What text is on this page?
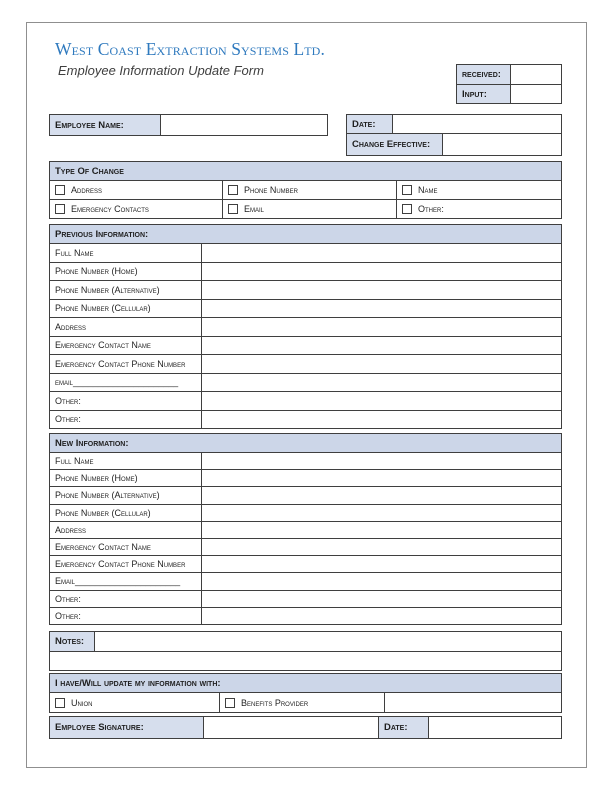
West Coast Extraction Systems Ltd.
Employee Information Update Form	received:
Input:
Employee Name:	Date:
Change Effective:
Type Of Change
Address	Phone Number	Name
Emergency Contacts	Email	Other:
Previous Information:
Full Name
Phone Number (Home)
Phone Number (Alternative)
Phone Number (Cellular)
Address
Emergency Contact Name
Emergency Contact Phone Number
email_____________________
Other:
Other:
New Information:
Full Name
Phone Number (Home)
Phone Number (Alternative)
Phone Number (Cellular)
Address
Emergency Contact Name
Emergency Contact Phone Number
Email_____________________
Other:
Other:
Notes:
I have/Will update my information with:
Union	Benefits Provider
Employee Signature:	Date:
